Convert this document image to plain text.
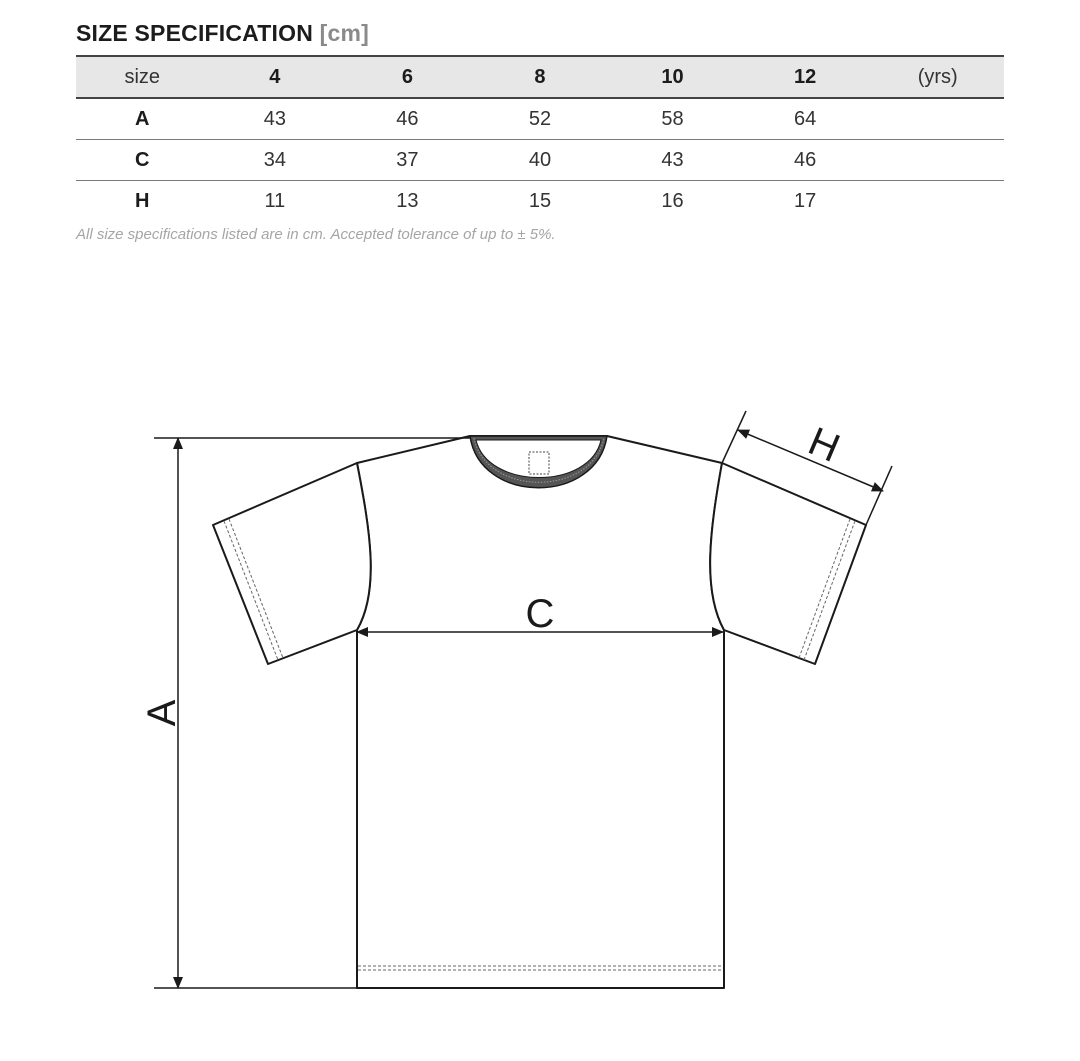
SIZE SPECIFICATION [cm]
size	4	6	8	10	12	(yrs)
A	43	46	52	58	64	
C	34	37	40	43	46	
H	11	13	15	16	17	
All size specifications listed are in cm. Accepted tolerance of up to ± 5%.
A
C
H
